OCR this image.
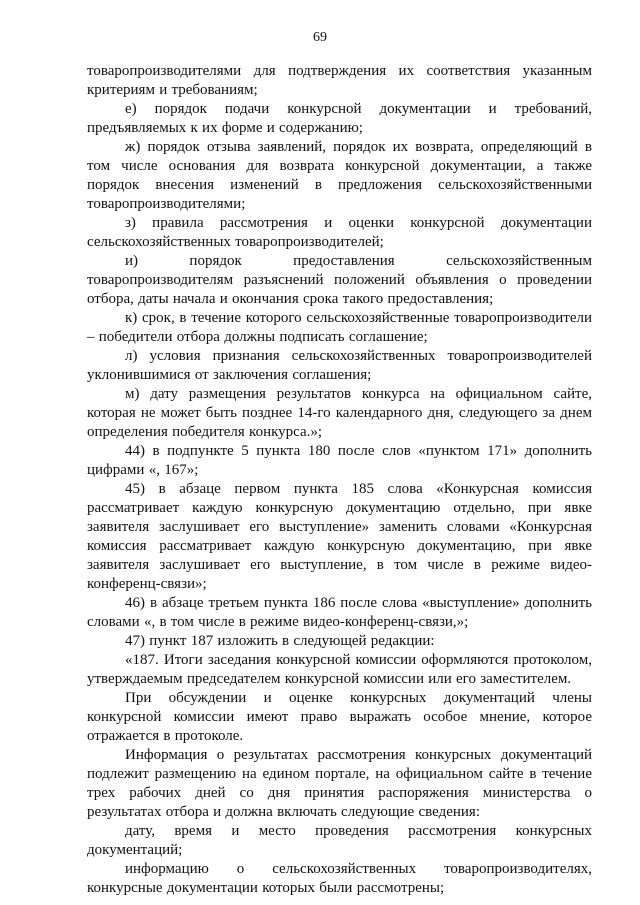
69

товаропроизводителями для подтверждения их соответствия указанным критериям и требованиям;

е) порядок подачи конкурсной документации и требований, предъявляемых к их форме и содержанию;

ж) порядок отзыва заявлений, порядок их возврата, определяющий в том числе основания для возврата конкурсной документации, а также порядок внесения изменений в предложения сельскохозяйственными товаропроизводителями;

з) правила рассмотрения и оценки конкурсной документации сельскохозяйственных товаропроизводителей;

и) порядок предоставления сельскохозяйственным товаропроизводителям разъяснений положений объявления о проведении отбора, даты начала и окончания срока такого предоставления;

к) срок, в течение которого сельскохозяйственные товаропроизводители – победители отбора должны подписать соглашение;

л) условия признания сельскохозяйственных товаропроизводителей уклонившимися от заключения соглашения;

м) дату размещения результатов конкурса на официальном сайте, которая не может быть позднее 14-го календарного дня, следующего за днем определения победителя конкурса.»;

44) в подпункте 5 пункта 180 после слов «пунктом 171» дополнить цифрами «, 167»;

45) в абзаце первом пункта 185 слова «Конкурсная комиссия рассматривает каждую конкурсную документацию отдельно, при явке заявителя заслушивает его выступление» заменить словами «Конкурсная комиссия рассматривает каждую конкурсную документацию, при явке заявителя заслушивает его выступление, в том числе в режиме видео-конференц-связи»;

46) в абзаце третьем пункта 186 после слова «выступление» дополнить словами «, в том числе в режиме видео-конференц-связи,»;

47) пункт 187 изложить в следующей редакции:

«187. Итоги заседания конкурсной комиссии оформляются протоколом, утверждаемым председателем конкурсной комиссии или его заместителем.

При обсуждении и оценке конкурсных документаций члены конкурсной комиссии имеют право выражать особое мнение, которое отражается в протоколе.

Информация о результатах рассмотрения конкурсных документаций подлежит размещению на едином портале, на официальном сайте в течение трех рабочих дней со дня принятия распоряжения министерства о результатах отбора и должна включать следующие сведения:

дату, время и место проведения рассмотрения конкурсных документаций;

информацию о сельскохозяйственных товаропроизводителях, конкурсные документации которых были рассмотрены;
